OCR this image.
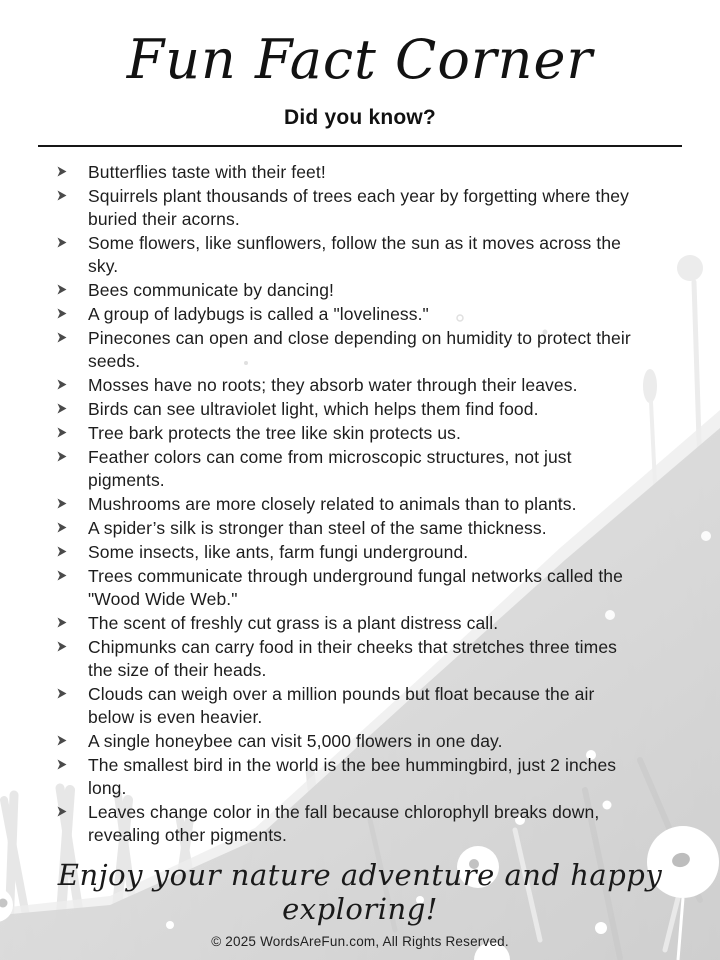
Fun Fact Corner
Did you know?
Butterflies taste with their feet!
Squirrels plant thousands of trees each year by forgetting where they buried their acorns.
Some flowers, like sunflowers, follow the sun as it moves across the sky.
Bees communicate by dancing!
A group of ladybugs is called a "loveliness."
Pinecones can open and close depending on humidity to protect their seeds.
Mosses have no roots; they absorb water through their leaves.
Birds can see ultraviolet light, which helps them find food.
Tree bark protects the tree like skin protects us.
Feather colors can come from microscopic structures, not just pigments.
Mushrooms are more closely related to animals than to plants.
A spider’s silk is stronger than steel of the same thickness.
Some insects, like ants, farm fungi underground.
Trees communicate through underground fungal networks called the "Wood Wide Web."
The scent of freshly cut grass is a plant distress call.
Chipmunks can carry food in their cheeks that stretches three times the size of their heads.
Clouds can weigh over a million pounds but float because the air below is even heavier.
A single honeybee can visit 5,000 flowers in one day.
The smallest bird in the world is the bee hummingbird, just 2 inches long.
Leaves change color in the fall because chlorophyll breaks down, revealing other pigments.
Enjoy your nature adventure and happy exploring!
© 2025 WordsAreFun.com, All Rights Reserved.
